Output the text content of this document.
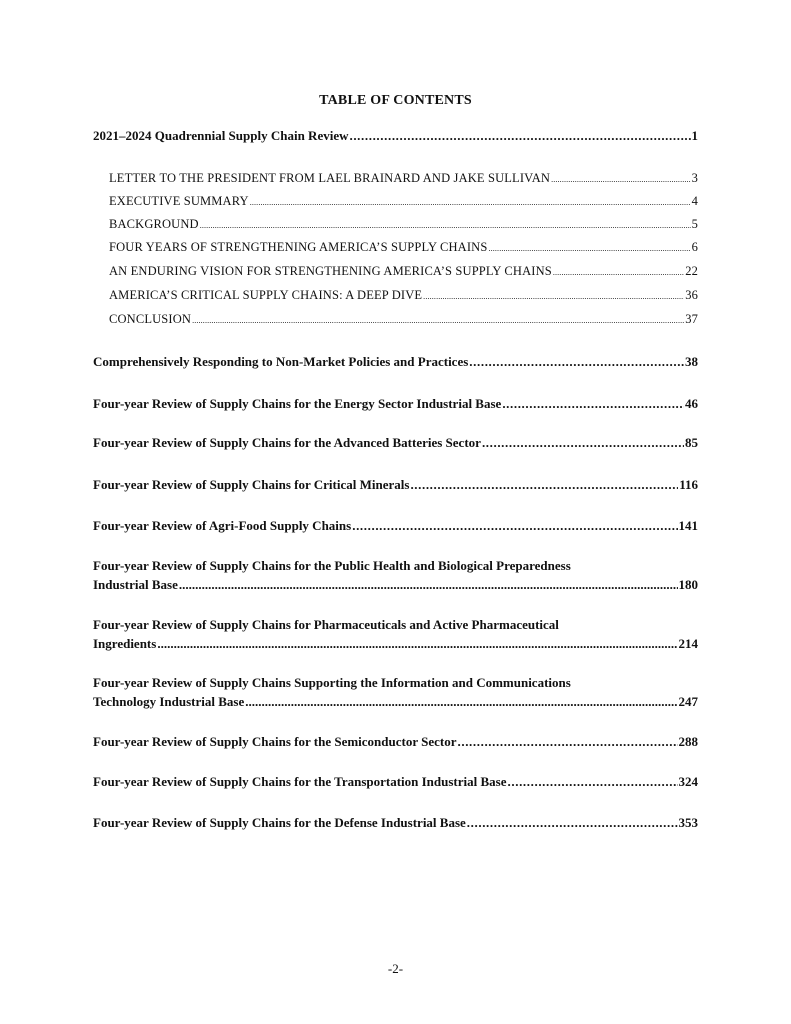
TABLE OF CONTENTS
2021–2024 Quadrennial Supply Chain Review .....	1
LETTER TO THE PRESIDENT FROM LAEL BRAINARD AND JAKE SULLIVAN .....	3
EXECUTIVE SUMMARY .....	4
BACKGROUND .....	5
FOUR YEARS OF STRENGTHENING AMERICA’S SUPPLY CHAINS .....	6
AN ENDURING VISION FOR STRENGTHENING AMERICA’S SUPPLY CHAINS .....	22
AMERICA’S CRITICAL SUPPLY CHAINS: A DEEP DIVE .....	36
CONCLUSION .....	37
Comprehensively Responding to Non-Market Policies and Practices .....	38
Four-year Review of Supply Chains for the Energy Sector Industrial Base .....	46
Four-year Review of Supply Chains for the Advanced Batteries Sector .....	85
Four-year Review of Supply Chains for Critical Minerals .....	116
Four-year Review of Agri-Food Supply Chains .....	141
Four-year Review of Supply Chains for the Public Health and Biological Preparedness
Industrial Base .....	180
Four-year Review of Supply Chains for Pharmaceuticals and Active Pharmaceutical
Ingredients .....	214
Four-year Review of Supply Chains Supporting the Information and Communications
Technology Industrial Base .....	247
Four-year Review of Supply Chains for the Semiconductor Sector .....	288
Four-year Review of Supply Chains for the Transportation Industrial Base .....	324
Four-year Review of Supply Chains for the Defense Industrial Base .....	353
-2-
